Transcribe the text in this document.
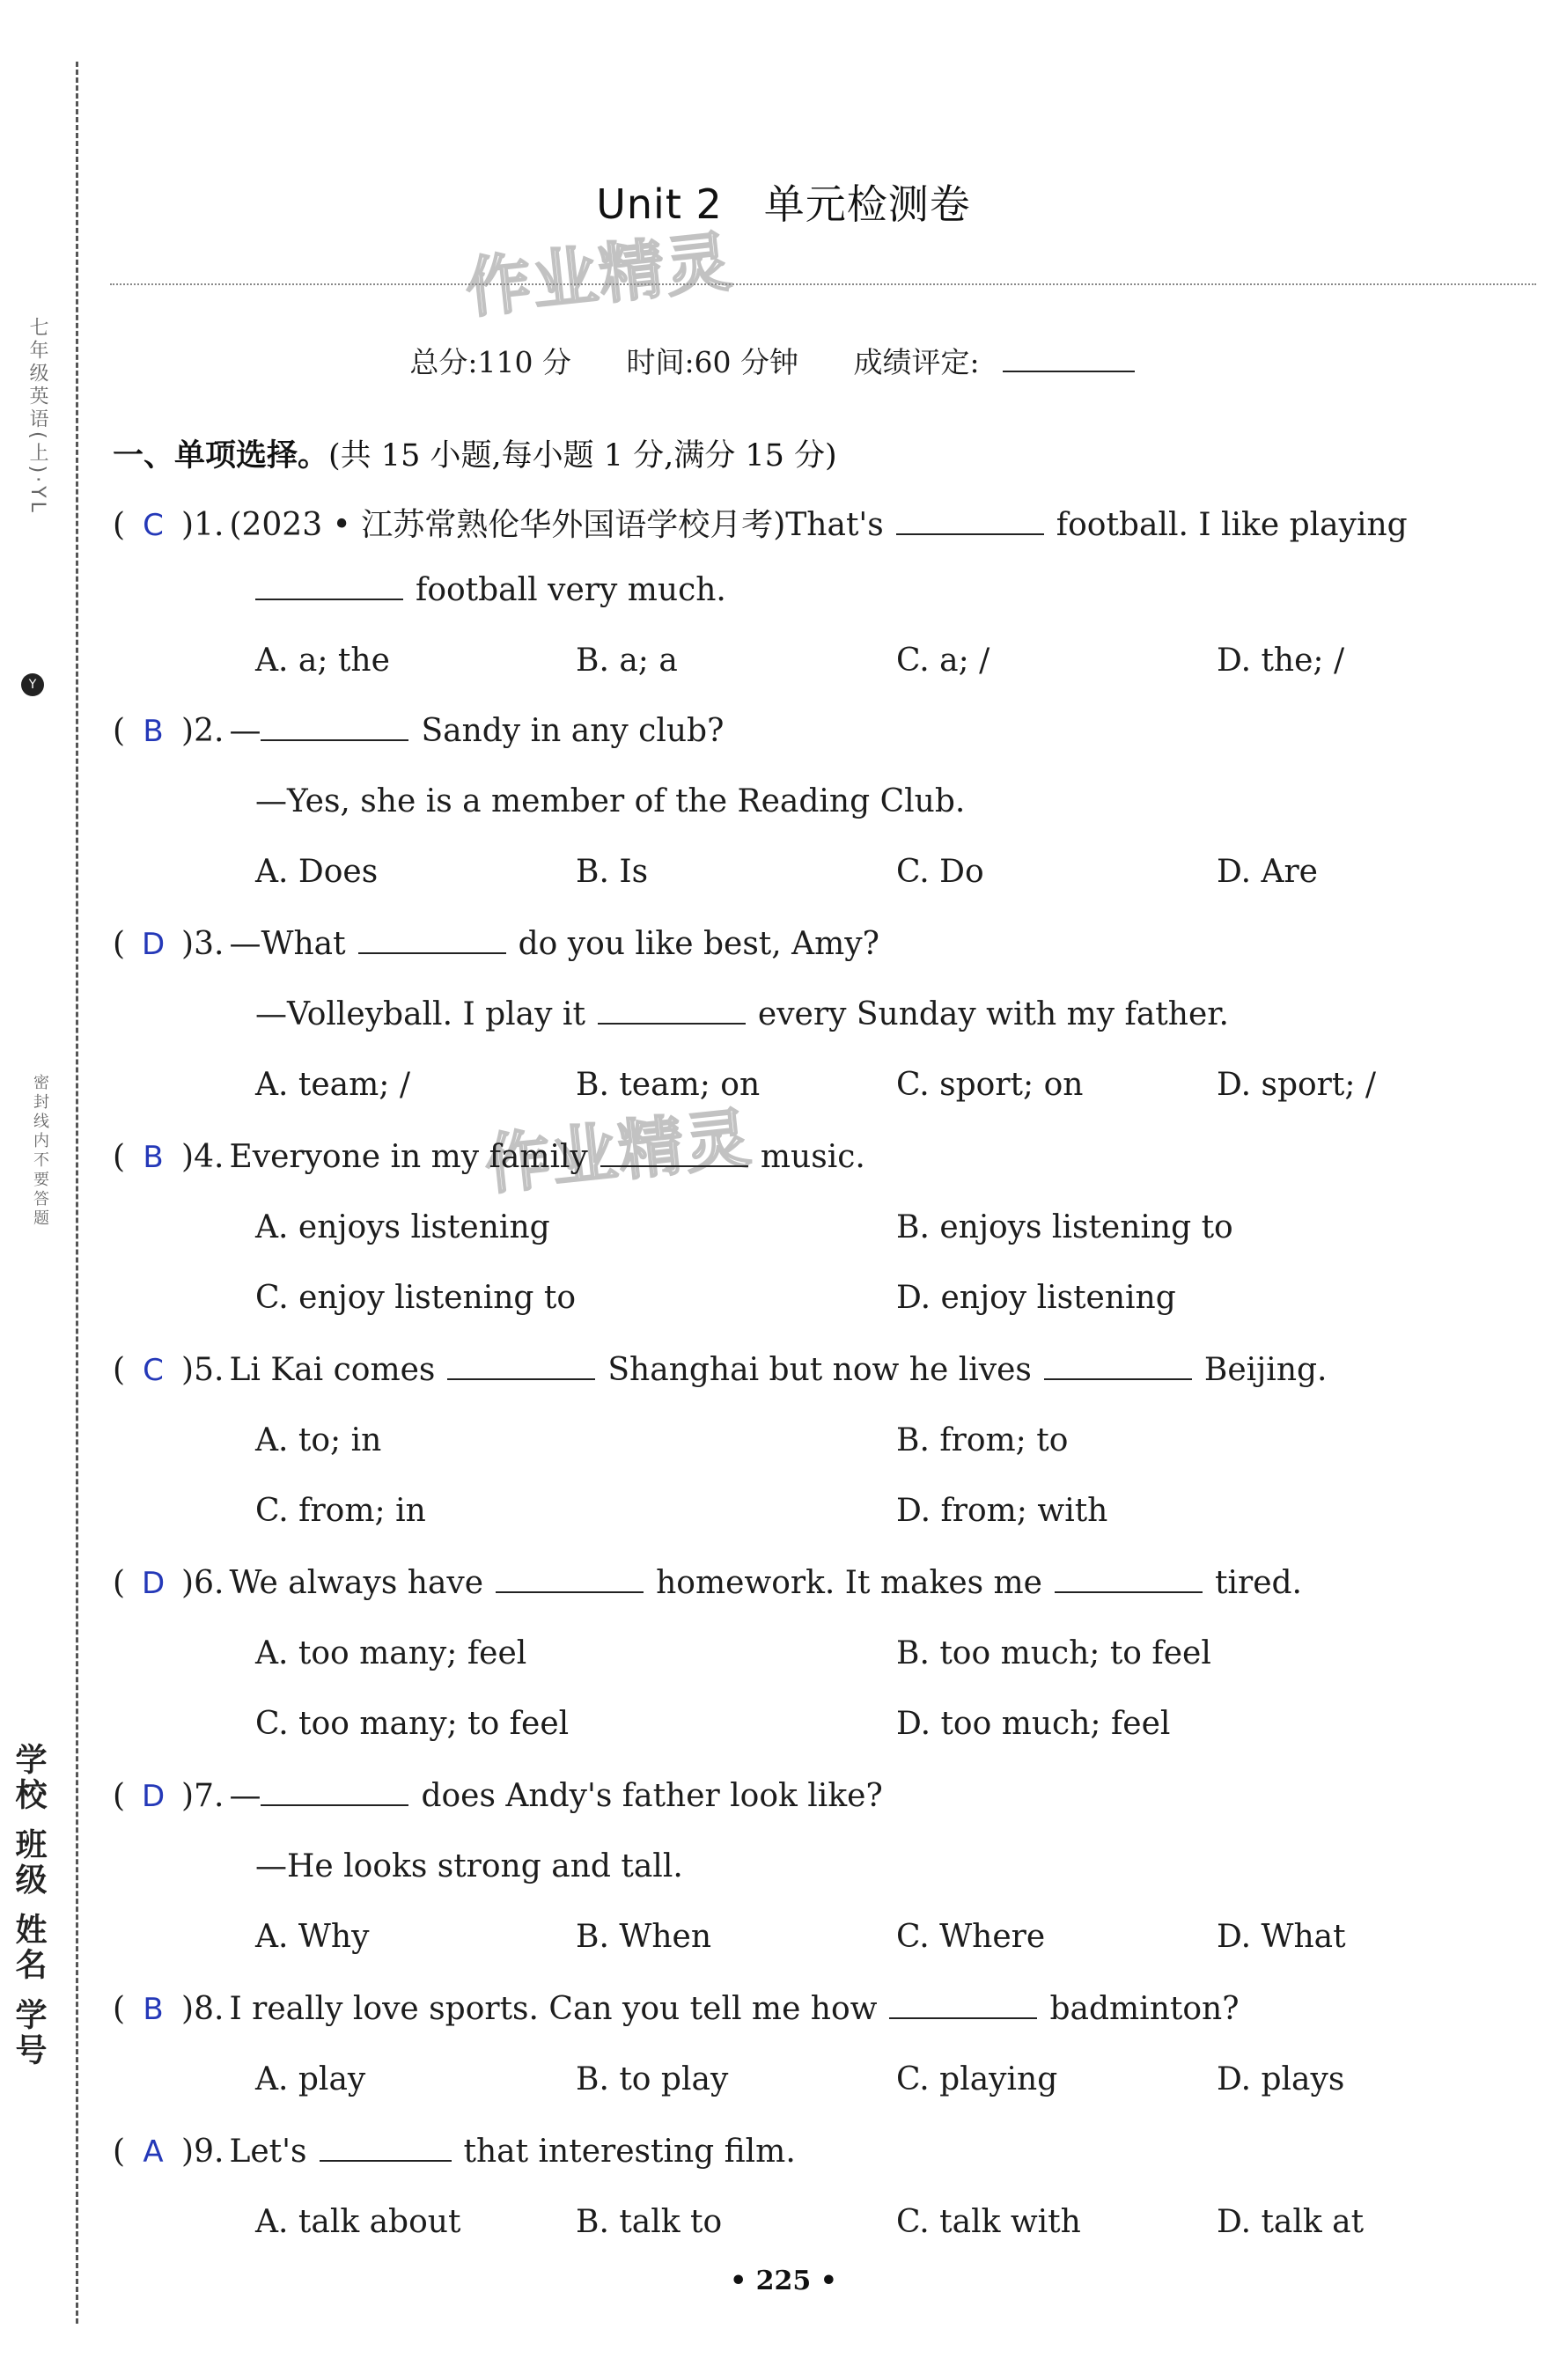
七年级英语(上)·YL
Y
密封线内不要答题
学校 班级 姓名 学号
Unit 2　单元检测卷
作业精灵
总分:110 分 时间:60 分钟 成绩评定:
一、单项选择。(共 15 小题,每小题 1 分,满分 15 分)
( C )1. (2023 • 江苏常熟伦华外国语学校月考)That's	football. I like playing
football very much.
A. a; the	B. a; a	C. a; /	D. the; /
( B )2. —	Sandy in any club?
—Yes, she is a member of the Reading Club.
A. Does	B. Is	C. Do	D. Are
( D )3. —What	do you like best, Amy?
—Volleyball. I play it	every Sunday with my father.
A. team; /	B. team; on	C. sport; on	D. sport; /
作业精灵
( B )4. Everyone in my family	music.
A. enjoys listening	B. enjoys listening to
C. enjoy listening to	D. enjoy listening
( C )5. Li Kai comes	Shanghai but now he lives	Beijing.
A. to; in	B. from; to
C. from; in	D. from; with
( D )6. We always have	homework. It makes me	tired.
A. too many; feel	B. too much; to feel
C. too many; to feel	D. too much; feel
( D )7. —	does Andy's father look like?
—He looks strong and tall.
A. Why	B. When	C. Where	D. What
( B )8. I really love sports. Can you tell me how	badminton?
A. play	B. to play	C. playing	D. plays
( A )9. Let's	that interesting film.
A. talk about	B. talk to	C. talk with	D. talk at
• 225 •
